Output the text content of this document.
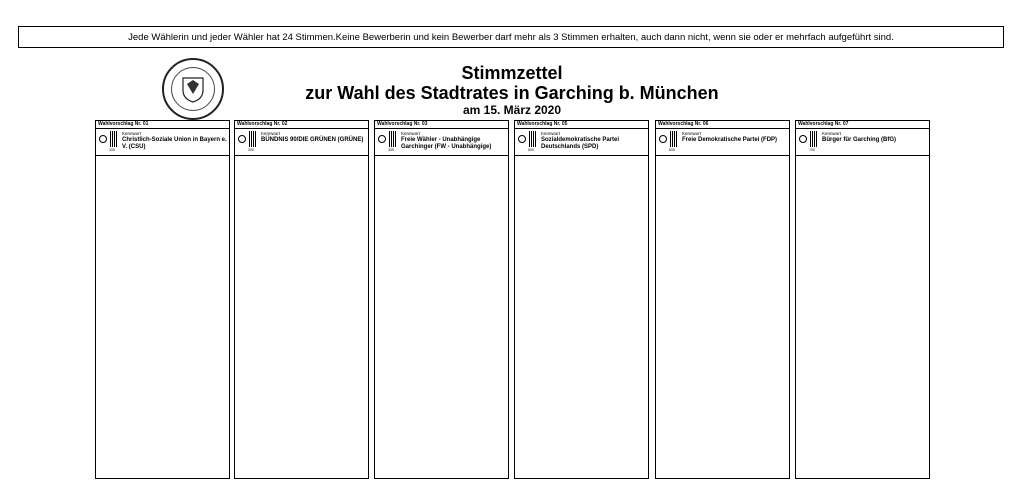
Jede Wählerin und jeder Wähler hat 24 Stimmen.Keine Bewerberin und kein Bewerber darf mehr als 3 Stimmen erhalten, auch dann nicht, wenn sie oder er mehrfach aufgeführt sind.
Stimmzettel
zur Wahl des Stadtrates in Garching b. München
am 15. März 2020
Wahlvorschlag Nr. 01
100
Kennwort
Christlich-Soziale Union in Bayern e. V. (CSU)
Wahlvorschlag Nr. 02
200
Kennwort
BÜNDNIS 90/DIE GRÜNEN (GRÜNE)
Wahlvorschlag Nr. 03
300
Kennwort
Freie Wähler - Unabhängige Garchinger (FW - Unabhängige)
Wahlvorschlag Nr. 05
500
Kennwort
Sozialdemokratische Partei Deutschlands (SPD)
Wahlvorschlag Nr. 06
600
Kennwort
Freie Demokratische Partei (FDP)
Wahlvorschlag Nr. 07
700
Kennwort
Bürger für Garching (BfG)
